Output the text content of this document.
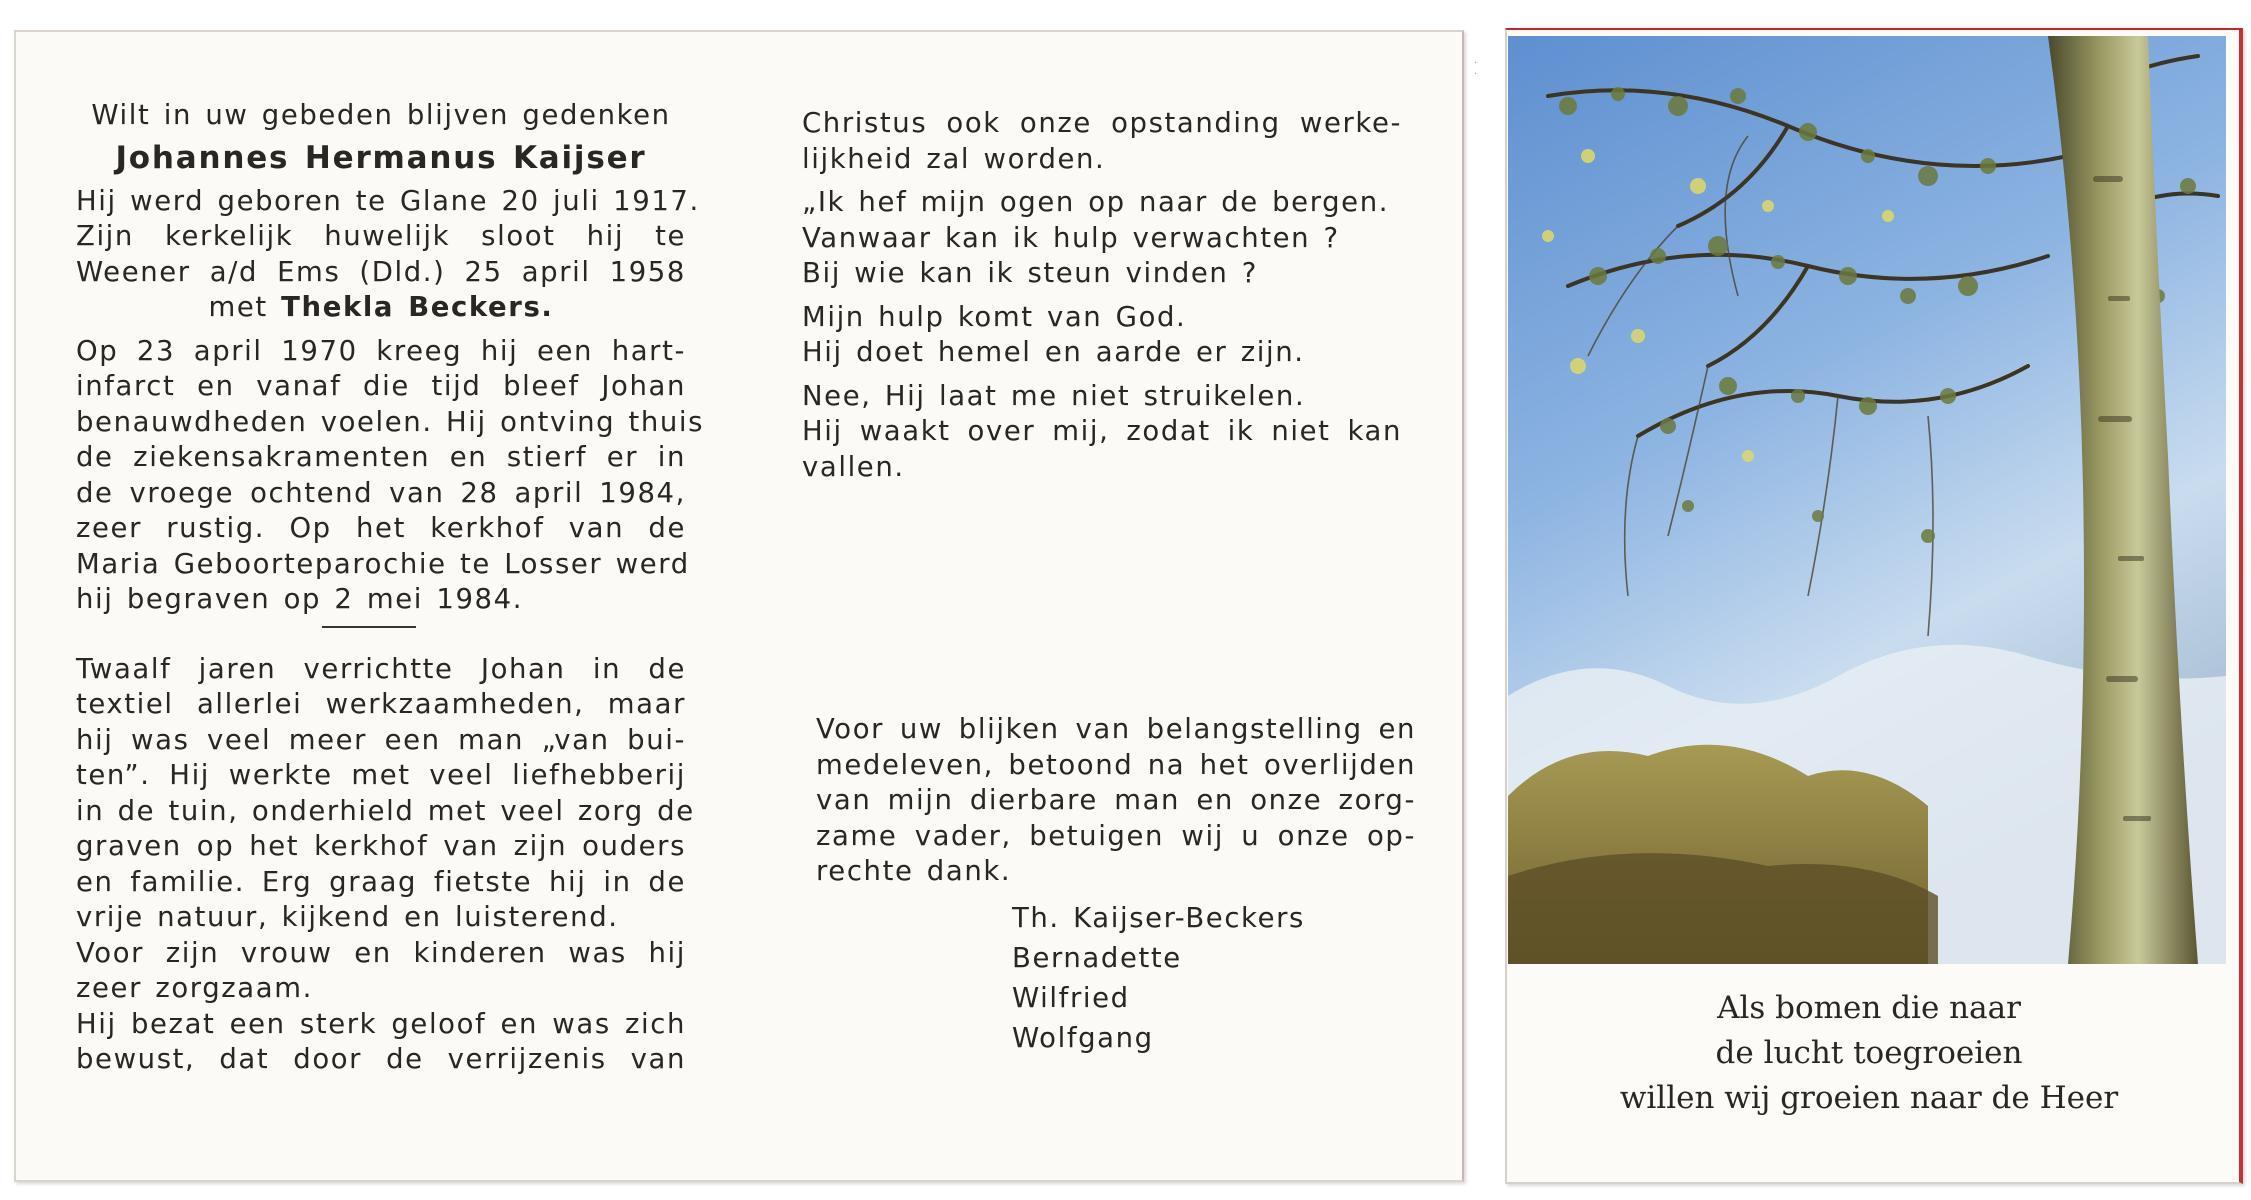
· ·
Wilt in uw gebeden blijven gedenken
Johannes Hermanus Kaijser
Hij werd geboren te Glane 20 juli 1917.
Zijn kerkelijk huwelijk sloot hij te
Weener a/d Ems (Dld.) 25 april 1958
met Thekla Beckers.
Op 23 april 1970 kreeg hij een hart-
infarct en vanaf die tijd bleef Johan
benauwdheden voelen. Hij ontving thuis
de ziekensakramenten en stierf er in
de vroege ochtend van 28 april 1984,
zeer rustig. Op het kerkhof van de
Maria Geboorteparochie te Losser werd
hij begraven op 2 mei 1984.
Twaalf jaren verrichtte Johan in de
textiel allerlei werkzaamheden, maar
hij was veel meer een man „van bui-
ten”. Hij werkte met veel liefhebberij
in de tuin, onderhield met veel zorg de
graven op het kerkhof van zijn ouders
en familie. Erg graag fietste hij in de
vrije natuur, kijkend en luisterend.
Voor zijn vrouw en kinderen was hij
zeer zorgzaam.
Hij bezat een sterk geloof en was zich
bewust, dat door de verrijzenis van
Christus ook onze opstanding werke-
lijkheid zal worden.
„Ik hef mijn ogen op naar de bergen.
Vanwaar kan ik hulp verwachten ?
Bij wie kan ik steun vinden ?
Mijn hulp komt van God.
Hij doet hemel en aarde er zijn.
Nee, Hij laat me niet struikelen.
Hij waakt over mij, zodat ik niet kan
vallen.
Voor uw blijken van belangstelling en
medeleven, betoond na het overlijden
van mijn dierbare man en onze zorg-
zame vader, betuigen wij u onze op-
rechte dank.
Th. Kaijser-Beckers
Bernadette
Wilfried
Wolfgang
Als bomen die naar
de lucht toegroeien
willen wij groeien naar de Heer
